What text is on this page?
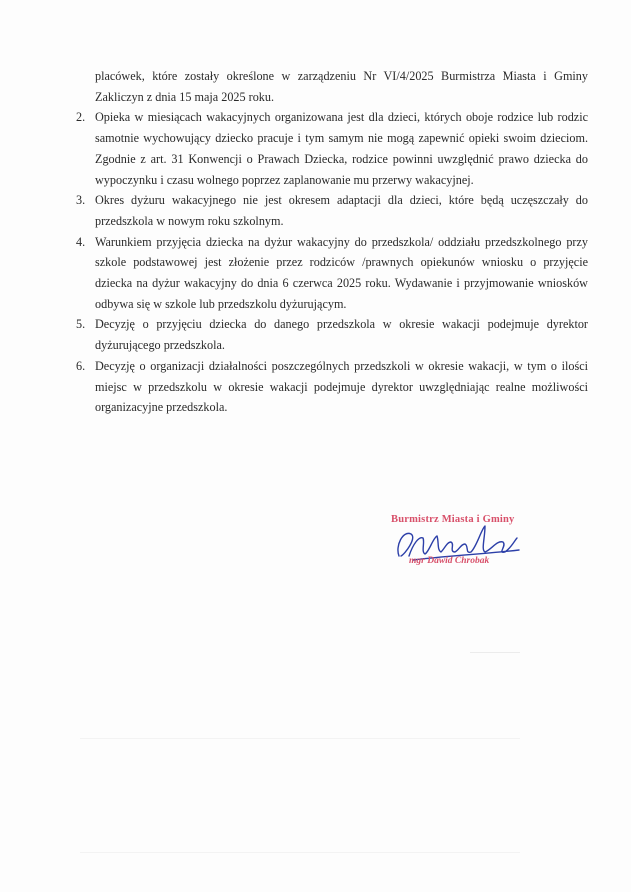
placówek, które zostały określone w zarządzeniu Nr VI/4/2025 Burmistrza Miasta i Gminy Zakliczyn z dnia 15 maja 2025 roku.

2. Opieka w miesiącach wakacyjnych organizowana jest dla dzieci, których oboje rodzice lub rodzic samotnie wychowujący dziecko pracuje i tym samym nie mogą zapewnić opieki swoim dzieciom. Zgodnie z art. 31 Konwencji o Prawach Dziecka, rodzice powinni uwzględnić prawo dziecka do wypoczynku i czasu wolnego poprzez zaplanowanie mu przerwy wakacyjnej.
3. Okres dyżuru wakacyjnego nie jest okresem adaptacji dla dzieci, które będą uczęszczały do przedszkola w nowym roku szkolnym.
4. Warunkiem przyjęcia dziecka na dyżur wakacyjny do przedszkola/ oddziału przedszkolnego przy szkole podstawowej jest złożenie przez rodziców /prawnych opiekunów wniosku o przyjęcie dziecka na dyżur wakacyjny do dnia 6 czerwca 2025 roku. Wydawanie i przyjmowanie wniosków odbywa się w szkole lub przedszkolu dyżurującym.
5. Decyzję o przyjęciu dziecka do danego przedszkola w okresie wakacji podejmuje dyrektor dyżurującego przedszkola.
6. Decyzję o organizacji działalności poszczególnych przedszkoli w okresie wakacji, w tym o ilości miejsc w przedszkolu w okresie wakacji podejmuje dyrektor uwzględniając realne możliwości organizacyjne przedszkola.
Burmistrz Miasta i Gminy
mgr Dawid Chrobak
